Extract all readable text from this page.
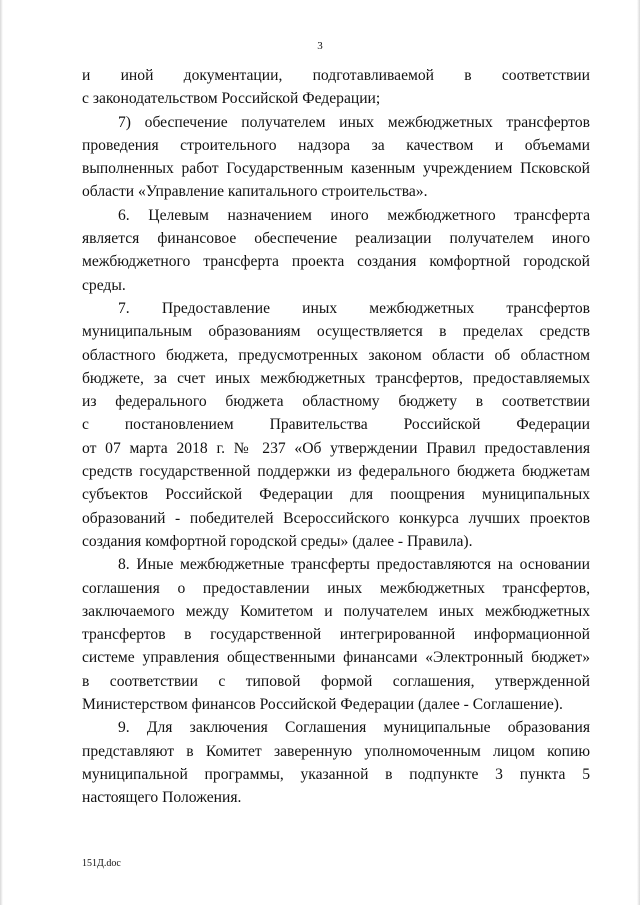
3

и иной документации, подготавливаемой в соответствии
с законодательством Российской Федерации;

7) обеспечение получателем иных межбюджетных трансфертов
проведения строительного надзора за качеством и объемами
выполненных работ Государственным казенным учреждением Псковской
области «Управление капитального строительства».

6. Целевым назначением иного межбюджетного трансферта
является финансовое обеспечение реализации получателем иного
межбюджетного трансферта проекта создания комфортной городской
среды.

7. Предоставление иных межбюджетных трансфертов
муниципальным образованиям осуществляется в пределах средств
областного бюджета, предусмотренных законом области об областном
бюджете, за счет иных межбюджетных трансфертов, предоставляемых
из федерального бюджета областному бюджету в соответствии
с постановлением Правительства Российской Федерации
от 07 марта 2018 г. № 237 «Об утверждении Правил предоставления
средств государственной поддержки из федерального бюджета бюджетам
субъектов Российской Федерации для поощрения муниципальных
образований - победителей Всероссийского конкурса лучших проектов
создания комфортной городской среды» (далее - Правила).

8. Иные межбюджетные трансферты предоставляются на основании
соглашения о предоставлении иных межбюджетных трансфертов,
заключаемого между Комитетом и получателем иных межбюджетных
трансфертов в государственной интегрированной информационной
системе управления общественными финансами «Электронный бюджет»
в соответствии с типовой формой соглашения, утвержденной
Министерством финансов Российской Федерации (далее - Соглашение).

9. Для заключения Соглашения муниципальные образования
представляют в Комитет заверенную уполномоченным лицом копию
муниципальной программы, указанной в подпункте 3 пункта 5
настоящего Положения.

151Д.doc
